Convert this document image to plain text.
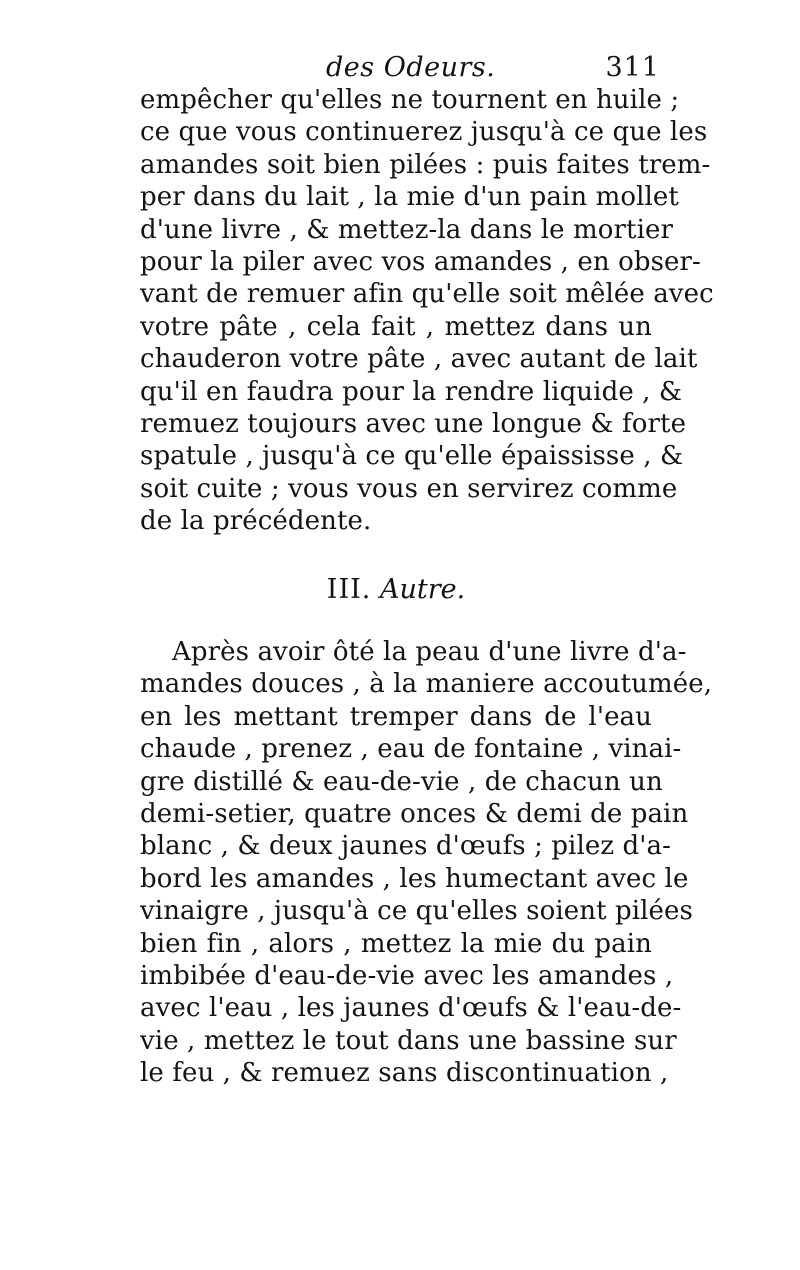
des Odeurs.	311
empêcher qu'elles ne tournent en huile ;
ce que vous continuerez jusqu'à ce que les
amandes soit bien pilées : puis faites trem-
per dans du lait , la mie d'un pain mollet
d'une livre , & mettez-la dans le mortier
pour la piler avec vos amandes , en obser-
vant de remuer afin qu'elle soit mêlée avec
votre pâte , cela fait , mettez dans un
chauderon votre pâte , avec autant de lait
qu'il en faudra pour la rendre liquide , &
remuez toujours avec une longue & forte
spatule , jusqu'à ce qu'elle épaississe , &
soit cuite ; vous vous en servirez comme
de la précédente.
III. Autre.
Après avoir ôté la peau d'une livre d'a-
mandes douces , à la maniere accoutumée,
en les mettant tremper dans de l'eau
chaude , prenez , eau de fontaine , vinai-
gre distillé & eau-de-vie , de chacun un
demi-setier, quatre onces & demi de pain
blanc , & deux jaunes d'œufs ; pilez d'a-
bord les amandes , les humectant avec le
vinaigre , jusqu'à ce qu'elles soient pilées
bien fin , alors , mettez la mie du pain
imbibée d'eau-de-vie avec les amandes ,
avec l'eau , les jaunes d'œufs & l'eau-de-
vie , mettez le tout dans une bassine sur
le feu , & remuez sans discontinuation ,
